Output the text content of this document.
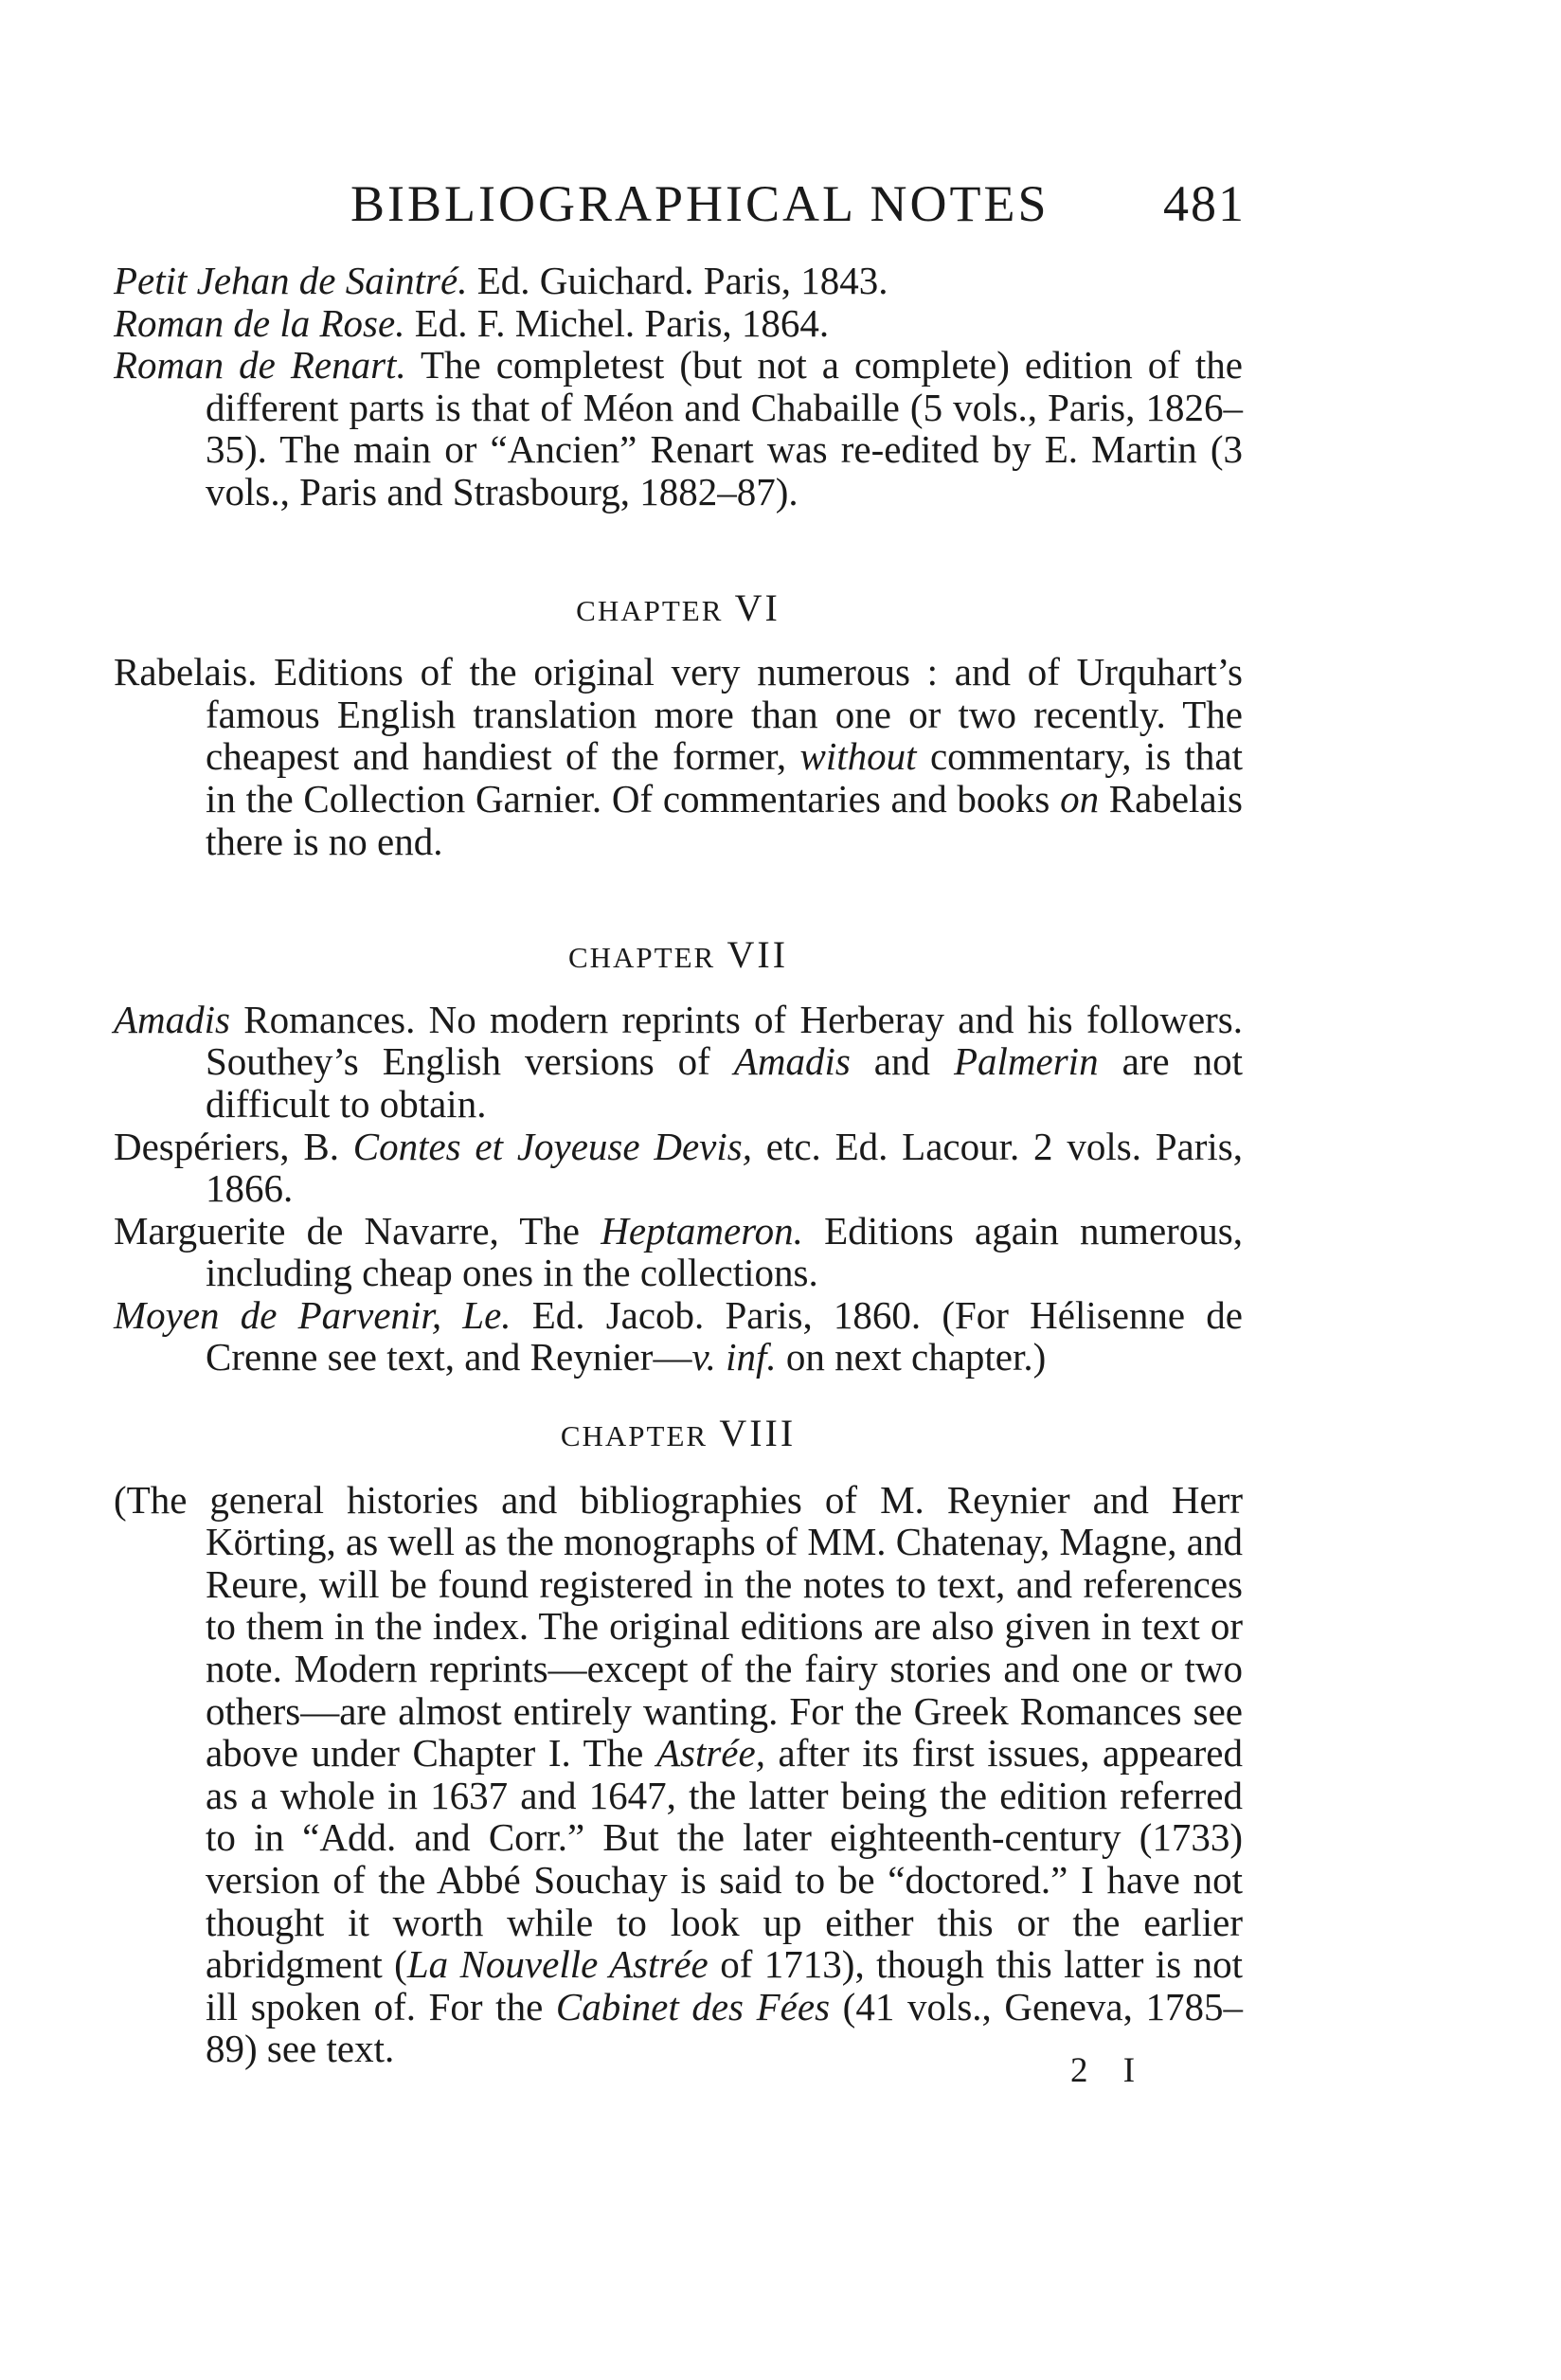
BIBLIOGRAPHICAL NOTES 481

Petit Jehan de Saintré. Ed. Guichard. Paris, 1843.

Roman de la Rose. Ed. F. Michel. Paris, 1864.

Roman de Renart. The completest (but not a complete) edition of the different parts is that of Méon and Chabaille (5 vols., Paris, 1826–35). The main or “Ancien” Renart was re-edited by E. Martin (3 vols., Paris and Strasbourg, 1882–87).

CHAPTER VI

Rabelais. Editions of the original very numerous : and of Urquhart’s famous English translation more than one or two recently. The cheapest and handiest of the former, without commentary, is that in the Collection Garnier. Of commentaries and books on Rabelais there is no end.

CHAPTER VII

Amadis Romances. No modern reprints of Herberay and his followers. Southey’s English versions of Amadis and Palmerin are not difficult to obtain.

Despériers, B. Contes et Joyeuse Devis, etc. Ed. Lacour. 2 vols. Paris, 1866.

Marguerite de Navarre, The Heptameron. Editions again numerous, including cheap ones in the collections.

Moyen de Parvenir, Le. Ed. Jacob. Paris, 1860. (For Hélisenne de Crenne see text, and Reynier—v. inf. on next chapter.)

CHAPTER VIII

(The general histories and bibliographies of M. Reynier and Herr Körting, as well as the monographs of MM. Chatenay, Magne, and Reure, will be found registered in the notes to text, and references to them in the index. The original editions are also given in text or note. Modern reprints—except of the fairy stories and one or two others—are almost entirely wanting. For the Greek Romances see above under Chapter I. The Astrée, after its first issues, appeared as a whole in 1637 and 1647, the latter being the edition referred to in “Add. and Corr.” But the later eighteenth-century (1733) version of the Abbé Souchay is said to be “doctored.” I have not thought it worth while to look up either this or the earlier abridgment (La Nouvelle Astrée of 1713), though this latter is not ill spoken of. For the Cabinet des Fées (41 vols., Geneva, 1785–89) see text.

2 I
